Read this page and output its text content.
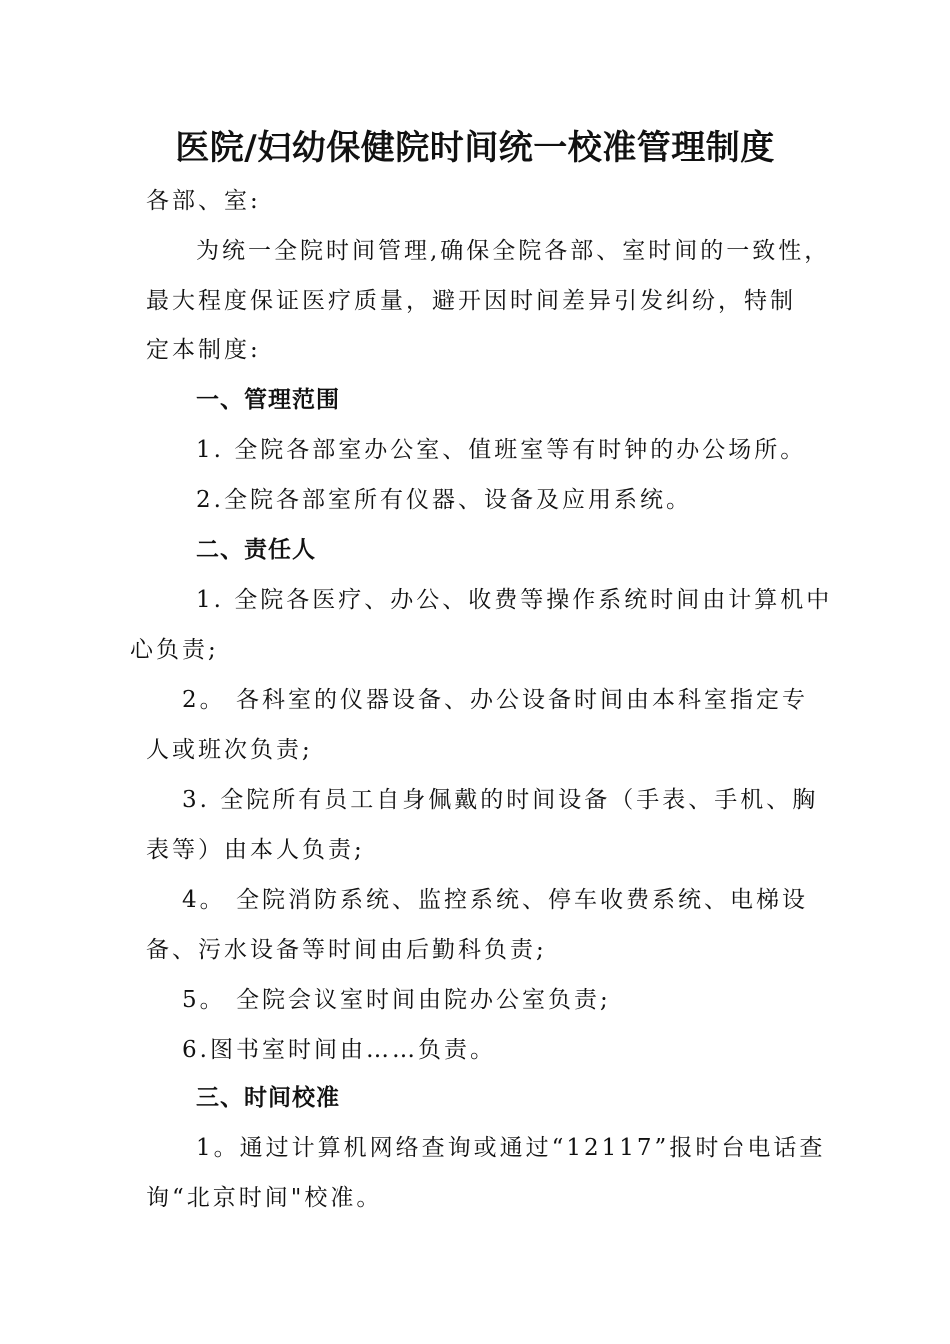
医院/妇幼保健院时间统一校准管理制度
各部、室:
为统一全院时间管理,确保全院各部、室时间的一致性，
最大程度保证医疗质量，避开因时间差异引发纠纷，特制
定本制度:
一、管理范围
1. 全院各部室办公室、值班室等有时钟的办公场所。
2.全院各部室所有仪器、设备及应用系统。
二、责任人
1. 全院各医疗、办公、收费等操作系统时间由计算机中
心负责;
2。 各科室的仪器设备、办公设备时间由本科室指定专
人或班次负责;
3. 全院所有员工自身佩戴的时间设备（手表、手机、胸
表等）由本人负责;
4。 全院消防系统、监控系统、停车收费系统、电梯设
备、污水设备等时间由后勤科负责;
5。 全院会议室时间由院办公室负责;
6.图书室时间由……负责。
三、时间校准
1。通过计算机网络查询或通过“12117”报时台电话查
询“北京时间"校准。
